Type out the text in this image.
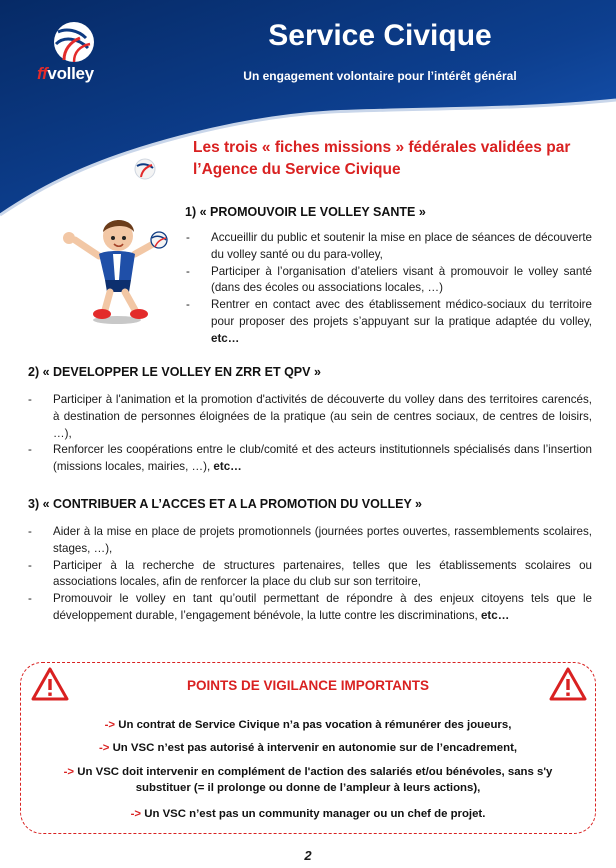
ffvolley
Service Civique
Un engagement volontaire pour l’intérêt général
Les trois « fiches missions » fédérales validées par l’Agence du Service Civique
1) « PROMOUVOIR LE VOLLEY SANTE »
- Accueillir du public et soutenir la mise en place de séances de découverte du volley santé ou du para-volley,
- Participer à l’organisation d’ateliers visant à promouvoir le volley santé (dans des écoles ou associations locales, …)
- Rentrer en contact avec des établissement médico-sociaux du territoire pour proposer des projets s’appuyant sur la pratique adaptée du volley, etc…
2) « DEVELOPPER LE VOLLEY EN ZRR ET QPV »
- Participer à l'animation et la promotion d'activités de découverte du volley dans des territoires carencés, à destination de personnes éloignées de la pratique (au sein de centres sociaux, de centres de loisirs, …),
- Renforcer les coopérations entre le club/comité et des acteurs institutionnels spécialisés dans l’insertion (missions locales, mairies, …), etc…
3) « CONTRIBUER A L’ACCES ET A LA PROMOTION DU VOLLEY »
- Aider à la mise en place de projets promotionnels (journées portes ouvertes, rassemblements scolaires, stages, …),
- Participer à la recherche de structures partenaires, telles que les établissements scolaires ou associations locales, afin de renforcer la place du club sur son territoire,
- Promouvoir le volley en tant qu’outil permettant de répondre à des enjeux citoyens tels que le développement durable, l’engagement bénévole, la lutte contre les discriminations, etc…
POINTS DE VIGILANCE IMPORTANTS
-> Un contrat de Service Civique n’a pas vocation à rémunérer des joueurs,
-> Un VSC n’est pas autorisé à intervenir en autonomie sur de l’encadrement,
-> Un VSC doit intervenir en complément de l'action des salariés et/ou bénévoles, sans s'y substituer (= il prolonge ou donne de l’ampleur à leurs actions),
-> Un VSC n’est pas un community manager ou un chef de projet.
2
